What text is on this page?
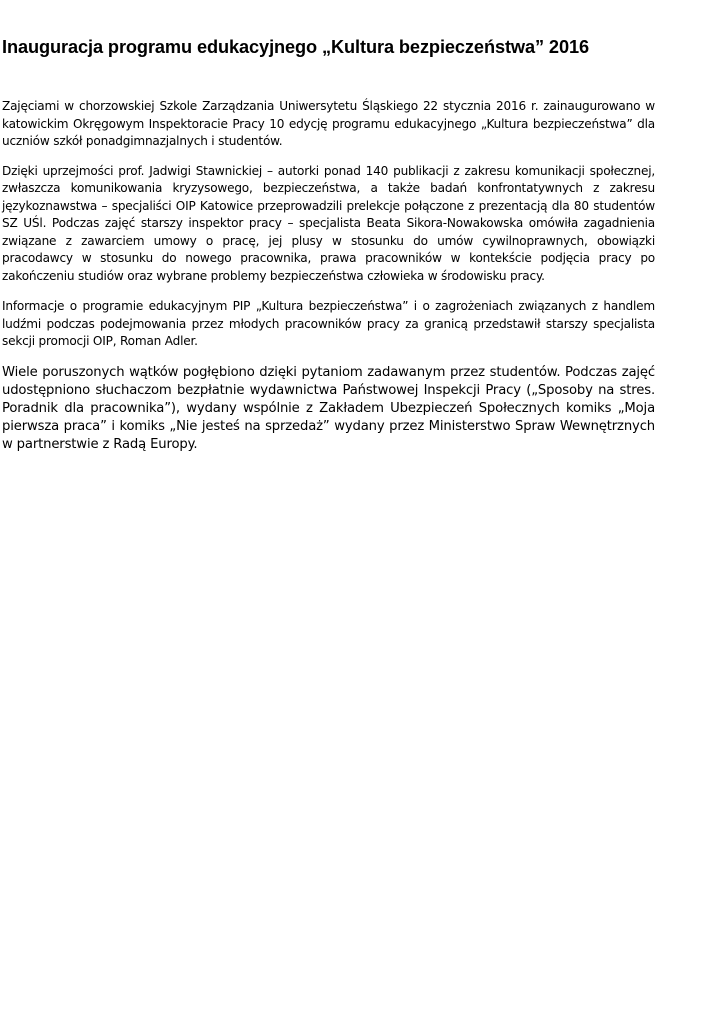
Inauguracja programu edukacyjnego „Kultura bezpieczeństwa” 2016

Zajęciami w chorzowskiej Szkole Zarządzania Uniwersytetu Śląskiego 22 stycznia 2016 r. zainaugurowano w katowickim Okręgowym Inspektoracie Pracy 10 edycję programu edukacyjnego „Kultura bezpieczeństwa” dla uczniów szkół ponadgimnazjalnych i studentów.

Dzięki uprzejmości prof. Jadwigi Stawnickiej – autorki ponad 140 publikacji z zakresu komunikacji społecznej, zwłaszcza komunikowania kryzysowego, bezpieczeństwa, a także badań konfrontatywnych z zakresu językoznawstwa – specjaliści OIP Katowice przeprowadzili prelekcje połączone z prezentacją dla 80 studentów SZ UŚl. Podczas zajęć starszy inspektor pracy – specjalista Beata Sikora-Nowakowska omówiła zagadnienia związane z zawarciem umowy o pracę, jej plusy w stosunku do umów cywilnoprawnych, obowiązki pracodawcy w stosunku do nowego pracownika, prawa pracowników w kontekście podjęcia pracy po zakończeniu studiów oraz wybrane problemy bezpieczeństwa człowieka w środowisku pracy.

Informacje o programie edukacyjnym PIP „Kultura bezpieczeństwa” i o zagrożeniach związanych z handlem ludźmi podczas podejmowania przez młodych pracowników pracy za granicą przedstawił starszy specjalista sekcji promocji OIP, Roman Adler.

Wiele poruszonych wątków pogłębiono dzięki pytaniom zadawanym przez studentów. Podczas zajęć udostępniono słuchaczom bezpłatnie wydawnictwa Państwowej Inspekcji Pracy („Sposoby na stres. Poradnik dla pracownika”), wydany wspólnie z Zakładem Ubezpieczeń Społecznych komiks „Moja pierwsza praca” i komiks „Nie jesteś na sprzedaż” wydany przez Ministerstwo Spraw Wewnętrznych w partnerstwie z Radą Europy.
